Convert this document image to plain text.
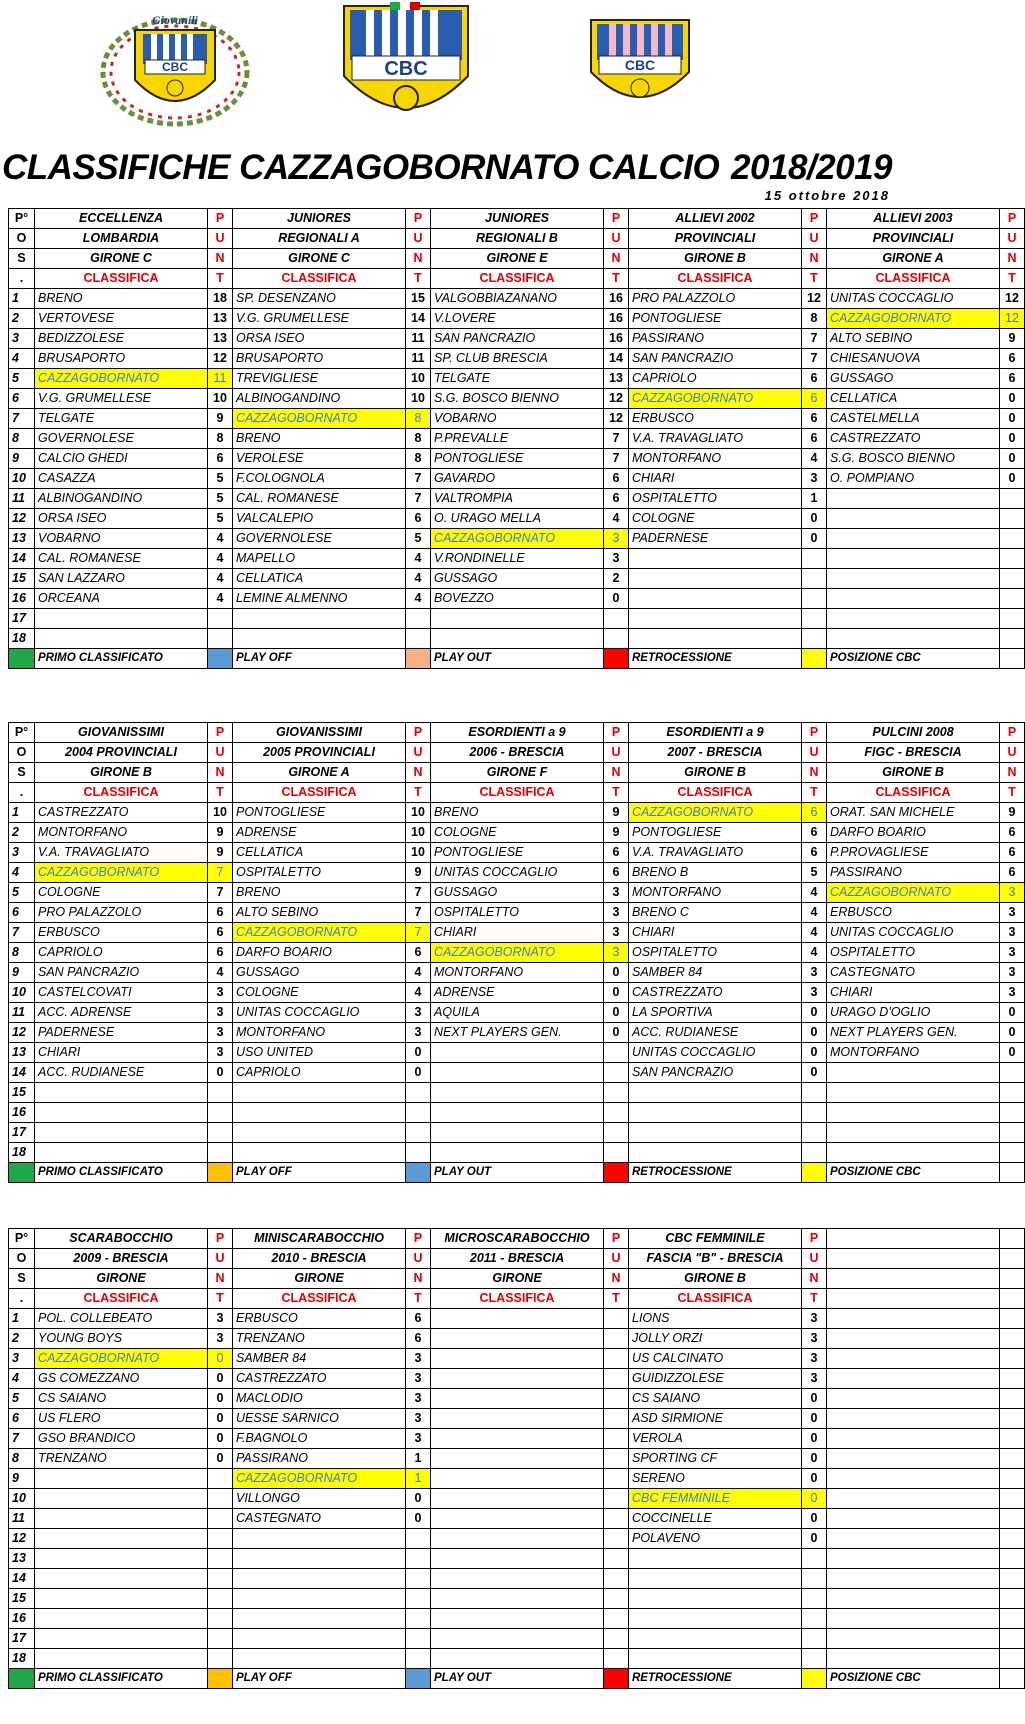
CBC
Giovanili
CBC	CBC
CLASSIFICHE CAZZAGOBORNATO CALCIO 2018/2019
15 ottobre 2018
P°	ECCELLENZA	P	JUNIORES	P	JUNIORES	P	ALLIEVI 2002	P	ALLIEVI 2003	P
O	LOMBARDIA	U	REGIONALI A	U	REGIONALI B	U	PROVINCIALI	U	PROVINCIALI	U
S	GIRONE C	N	GIRONE C	N	GIRONE E	N	GIRONE B	N	GIRONE A	N
.	CLASSIFICA	T	CLASSIFICA	T	CLASSIFICA	T	CLASSIFICA	T	CLASSIFICA	T
1	BRENO	18	SP. DESENZANO	15	VALGOBBIAZANANO	16	PRO PALAZZOLO	12	UNITAS COCCAGLIO	12
2	VERTOVESE	13	V.G. GRUMELLESE	14	V.LOVERE	16	PONTOGLIESE	8	CAZZAGOBORNATO	12
3	BEDIZZOLESE	13	ORSA ISEO	11	SAN PANCRAZIO	16	PASSIRANO	7	ALTO SEBINO	9
4	BRUSAPORTO	12	BRUSAPORTO	11	SP. CLUB BRESCIA	14	SAN PANCRAZIO	7	CHIESANUOVA	6
5	CAZZAGOBORNATO	11	TREVIGLIESE	10	TELGATE	13	CAPRIOLO	6	GUSSAGO	6
6	V.G. GRUMELLESE	10	ALBINOGANDINO	10	S.G. BOSCO BIENNO	12	CAZZAGOBORNATO	6	CELLATICA	0
7	TELGATE	9	CAZZAGOBORNATO	8	VOBARNO	12	ERBUSCO	6	CASTELMELLA	0
8	GOVERNOLESE	8	BRENO	8	P.PREVALLE	7	V.A. TRAVAGLIATO	6	CASTREZZATO	0
9	CALCIO GHEDI	6	VEROLESE	8	PONTOGLIESE	7	MONTORFANO	4	S.G. BOSCO BIENNO	0
10	CASAZZA	5	F.COLOGNOLA	7	GAVARDO	6	CHIARI	3	O. POMPIANO	0
11	ALBINOGANDINO	5	CAL. ROMANESE	7	VALTROMPIA	6	OSPITALETTO	1		
12	ORSA ISEO	5	VALCALEPIO	6	O. URAGO MELLA	4	COLOGNE	0		
13	VOBARNO	4	GOVERNOLESE	5	CAZZAGOBORNATO	3	PADERNESE	0		
14	CAL. ROMANESE	4	MAPELLO	4	V.RONDINELLE	3				
15	SAN LAZZARO	4	CELLATICA	4	GUSSAGO	2				
16	ORCEANA	4	LEMINE ALMENNO	4	BOVEZZO	0				
17										
18										
	PRIMO CLASSIFICATO		PLAY OFF		PLAY OUT		RETROCESSIONE		POSIZIONE CBC	
P°	GIOVANISSIMI	P	GIOVANISSIMI	P	ESORDIENTI a 9	P	ESORDIENTI a 9	P	PULCINI 2008	P
O	2004 PROVINCIALI	U	2005 PROVINCIALI	U	2006 - BRESCIA	U	2007 - BRESCIA	U	FIGC - BRESCIA	U
S	GIRONE B	N	GIRONE A	N	GIRONE F	N	GIRONE B	N	GIRONE B	N
.	CLASSIFICA	T	CLASSIFICA	T	CLASSIFICA	T	CLASSIFICA	T	CLASSIFICA	T
1	CASTREZZATO	10	PONTOGLIESE	10	BRENO	9	CAZZAGOBORNATO	6	ORAT. SAN MICHELE	9
2	MONTORFANO	9	ADRENSE	10	COLOGNE	9	PONTOGLIESE	6	DARFO BOARIO	6
3	V.A. TRAVAGLIATO	9	CELLATICA	10	PONTOGLIESE	6	V.A. TRAVAGLIATO	6	P.PROVAGLIESE	6
4	CAZZAGOBORNATO	7	OSPITALETTO	9	UNITAS COCCAGLIO	6	BRENO B	5	PASSIRANO	6
5	COLOGNE	7	BRENO	7	GUSSAGO	3	MONTORFANO	4	CAZZAGOBORNATO	3
6	PRO PALAZZOLO	6	ALTO SEBINO	7	OSPITALETTO	3	BRENO C	4	ERBUSCO	3
7	ERBUSCO	6	CAZZAGOBORNATO	7	CHIARI	3	CHIARI	4	UNITAS COCCAGLIO	3
8	CAPRIOLO	6	DARFO BOARIO	6	CAZZAGOBORNATO	3	OSPITALETTO	4	OSPITALETTO	3
9	SAN PANCRAZIO	4	GUSSAGO	4	MONTORFANO	0	SAMBER 84	3	CASTEGNATO	3
10	CASTELCOVATI	3	COLOGNE	4	ADRENSE	0	CASTREZZATO	3	CHIARI	3
11	ACC. ADRENSE	3	UNITAS COCCAGLIO	3	AQUILA	0	LA SPORTIVA	0	URAGO D'OGLIO	0
12	PADERNESE	3	MONTORFANO	3	NEXT PLAYERS GEN.	0	ACC. RUDIANESE	0	NEXT PLAYERS GEN.	0
13	CHIARI	3	USO UNITED	0			UNITAS COCCAGLIO	0	MONTORFANO	0
14	ACC. RUDIANESE	0	CAPRIOLO	0			SAN PANCRAZIO	0		
15										
16										
17										
18										
	PRIMO CLASSIFICATO		PLAY OFF		PLAY OUT		RETROCESSIONE		POSIZIONE CBC	
P°	SCARABOCCHIO	P	MINISCARABOCCHIO	P	MICROSCARABOCCHIO	P	CBC FEMMINILE	P		
O	2009 - BRESCIA	U	2010 - BRESCIA	U	2011 - BRESCIA	U	FASCIA "B" - BRESCIA	U		
S	GIRONE	N	GIRONE	N	GIRONE	N	GIRONE B	N		
.	CLASSIFICA	T	CLASSIFICA	T	CLASSIFICA	T	CLASSIFICA	T		
1	POL. COLLEBEATO	3	ERBUSCO	6			LIONS	3		
2	YOUNG BOYS	3	TRENZANO	6			JOLLY ORZI	3		
3	CAZZAGOBORNATO	0	SAMBER 84	3			US CALCINATO	3		
4	GS COMEZZANO	0	CASTREZZATO	3			GUIDIZZOLESE	3		
5	CS SAIANO	0	MACLODIO	3			CS SAIANO	0		
6	US FLERO	0	UESSE SARNICO	3			ASD SIRMIONE	0		
7	GSO BRANDICO	0	F.BAGNOLO	3			VEROLA	0		
8	TRENZANO	0	PASSIRANO	1			SPORTING CF	0		
9			CAZZAGOBORNATO	1			SERENO	0		
10			VILLONGO	0			CBC FEMMINILE	0		
11			CASTEGNATO	0			COCCINELLE	0		
12							POLAVENO	0		
13										
14										
15										
16										
17										
18										
	PRIMO CLASSIFICATO		PLAY OFF		PLAY OUT		RETROCESSIONE		POSIZIONE CBC	
